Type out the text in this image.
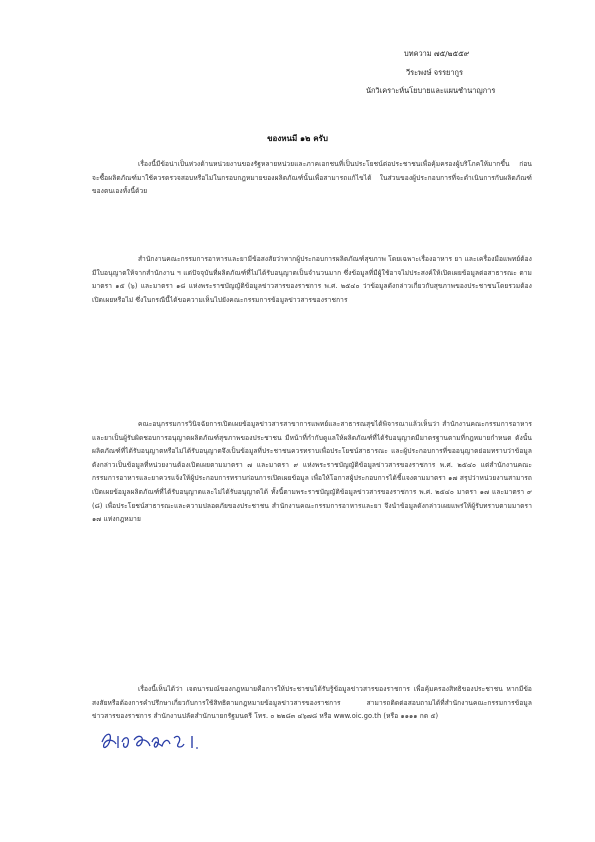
บทความ ๗๕/๒๕๕๙
วีระพงษ์ จรรยากูร
นักวิเคราะห์นโยบายและแผนชำนาญการ
ของหนมี ๑๒ ครับ
เรื่องนี้มีข้อน่าเป็นห่วงด้านหน่วยงานของรัฐหลายหน่วยและภาคเอกชนที่เป็นประโยชน์ต่อประชาชนเพื่อคุ้มครองผู้บริโภคให้มากขึ้น ก่อนจะซื้อผลิตภัณฑ์มาใช้ควรตรวจสอบหรือไม่ในกรอบกฎหมายของผลิตภัณฑ์นั้นเพื่อสามารถแก้ไขได้ ในส่วนของผู้ประกอบการที่จะดำเนินการกับผลิตภัณฑ์ของตนเองทั้งนี้ด้วย
สำนักงานคณะกรรมการอาหารและยามีข้อสงสัยว่าหากผู้ประกอบการผลิตภัณฑ์สุขภาพ โดยเฉพาะเรื่องอาหาร ยา และเครื่องมือแพทย์ต้องมีใบอนุญาตให้จากสำนักงาน ฯ แต่ปัจจุบันที่ผลิตภัณฑ์ที่ไม่ได้รับอนุญาตเป็นจำนวนมาก ซึ่งข้อมูลที่มีผู้ใช้อาจไม่ประสงค์ให้เปิดเผยข้อมูลต่อสาธารณะ ตามมาตรา ๑๕ (๖) และมาตรา ๑๘ แห่งพระราชบัญญัติข้อมูลข่าวสารของราชการ พ.ศ. ๒๕๔๐ ว่าข้อมูลดังกล่าวเกี่ยวกับสุขภาพของประชาชนโดยรวมต้องเปิดเผยหรือไม่ ซึ่งในกรณีนี้ได้ขอความเห็นไปยังคณะกรรมการข้อมูลข่าวสารของราชการ
คณะอนุกรรมการวินิจฉัยการเปิดเผยข้อมูลข่าวสารสาขาการแพทย์และสาธารณสุขได้พิจารณาแล้วเห็นว่า สำนักงานคณะกรรมการอาหารและยาเป็นผู้รับผิดชอบการอนุญาตผลิตภัณฑ์สุขภาพของประชาชน มีหน้าที่กำกับดูแลให้ผลิตภัณฑ์ที่ได้รับอนุญาตมีมาตรฐานตามที่กฎหมายกำหนด ดังนั้นผลิตภัณฑ์ที่ได้รับอนุญาตหรือไม่ได้รับอนุญาตจึงเป็นข้อมูลที่ประชาชนควรทราบเพื่อประโยชน์สาธารณะ และผู้ประกอบการที่ขออนุญาตย่อมทราบว่าข้อมูลดังกล่าวเป็นข้อมูลที่หน่วยงานต้องเปิดเผยตามมาตรา ๗ และมาตรา ๙ แห่งพระราชบัญญัติข้อมูลข่าวสารของราชการ พ.ศ. ๒๕๔๐ แต่สำนักงานคณะกรรมการอาหารและยาควรแจ้งให้ผู้ประกอบการทราบก่อนการเปิดเผยข้อมูล เพื่อให้โอกาสผู้ประกอบการได้ชี้แจงตามมาตรา ๑๗ สรุปว่าหน่วยงานสามารถเปิดเผยข้อมูลผลิตภัณฑ์ที่ได้รับอนุญาตและไม่ได้รับอนุญาตได้ ทั้งนี้ตามพระราชบัญญัติข้อมูลข่าวสารของราชการ พ.ศ. ๒๕๔๐ มาตรา ๑๗ และมาตรา ๙ (๘) เพื่อประโยชน์สาธารณะและความปลอดภัยของประชาชน สำนักงานคณะกรรมการอาหารและยา จึงนำข้อมูลดังกล่าวเผยแพร่ให้ผู้รับทราบตามมาตรา ๑๗ แห่งกฎหมาย
เรื่องนี้เห็นได้ว่า เจตนารมณ์ของกฎหมายคือการให้ประชาชนได้รับรู้ข้อมูลข่าวสารของราชการ เพื่อคุ้มครองสิทธิของประชาชน หากมีข้อสงสัยหรือต้องการคำปรึกษาเกี่ยวกับการใช้สิทธิตามกฎหมายข้อมูลข่าวสารของราชการ สามารถติดต่อสอบถามได้ที่สำนักงานคณะกรรมการข้อมูลข่าวสารของราชการ สำนักงานปลัดสำนักนายกรัฐมนตรี โทร. ๐ ๒๒๘๓ ๔๖๗๘ หรือ www.oic.go.th (หรือ ๑๑๑๑ กด ๕)
